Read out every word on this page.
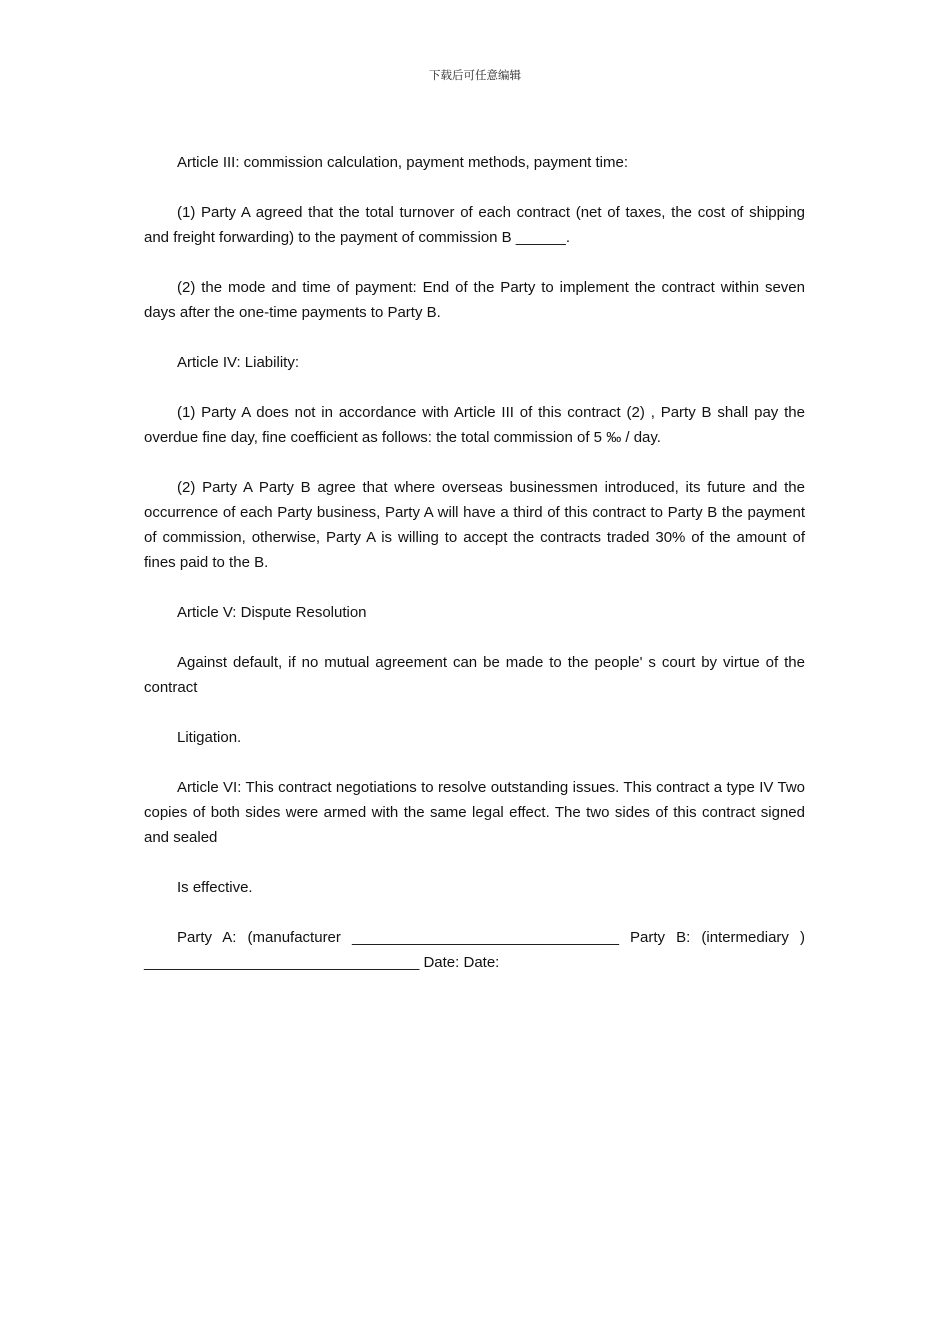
下载后可任意编辑

Article III: commission calculation, payment methods, payment time:

(1) Party A agreed that the total turnover of each contract (net of taxes, the cost of shipping and freight forwarding) to the payment of commission B ______.

(2) the mode and time of payment: End of the Party to implement the contract within seven days after the one-time payments to Party B.

Article IV: Liability:

(1) Party A does not in accordance with Article III of this contract (2) , Party B shall pay the overdue fine day, fine coefficient as follows: the total commission of 5 ‰ / day.

(2) Party A Party B agree that where overseas businessmen introduced, its future and the occurrence of each Party business, Party A will have a third of this contract to Party B the payment of commission, otherwise, Party A is willing to accept the contracts traded 30% of the amount of fines paid to the B.

Article V: Dispute Resolution

Against default, if no mutual agreement can be made to the people' s court by virtue of the contract

Litigation.

Article VI: This contract negotiations to resolve outstanding issues. This contract a type IV Two copies of both sides were armed with the same legal effect. The two sides of this contract signed and sealed

Is effective.

Party A: (manufacturer ________________________________ Party B: (intermediary ) _________________________________ Date: Date:
